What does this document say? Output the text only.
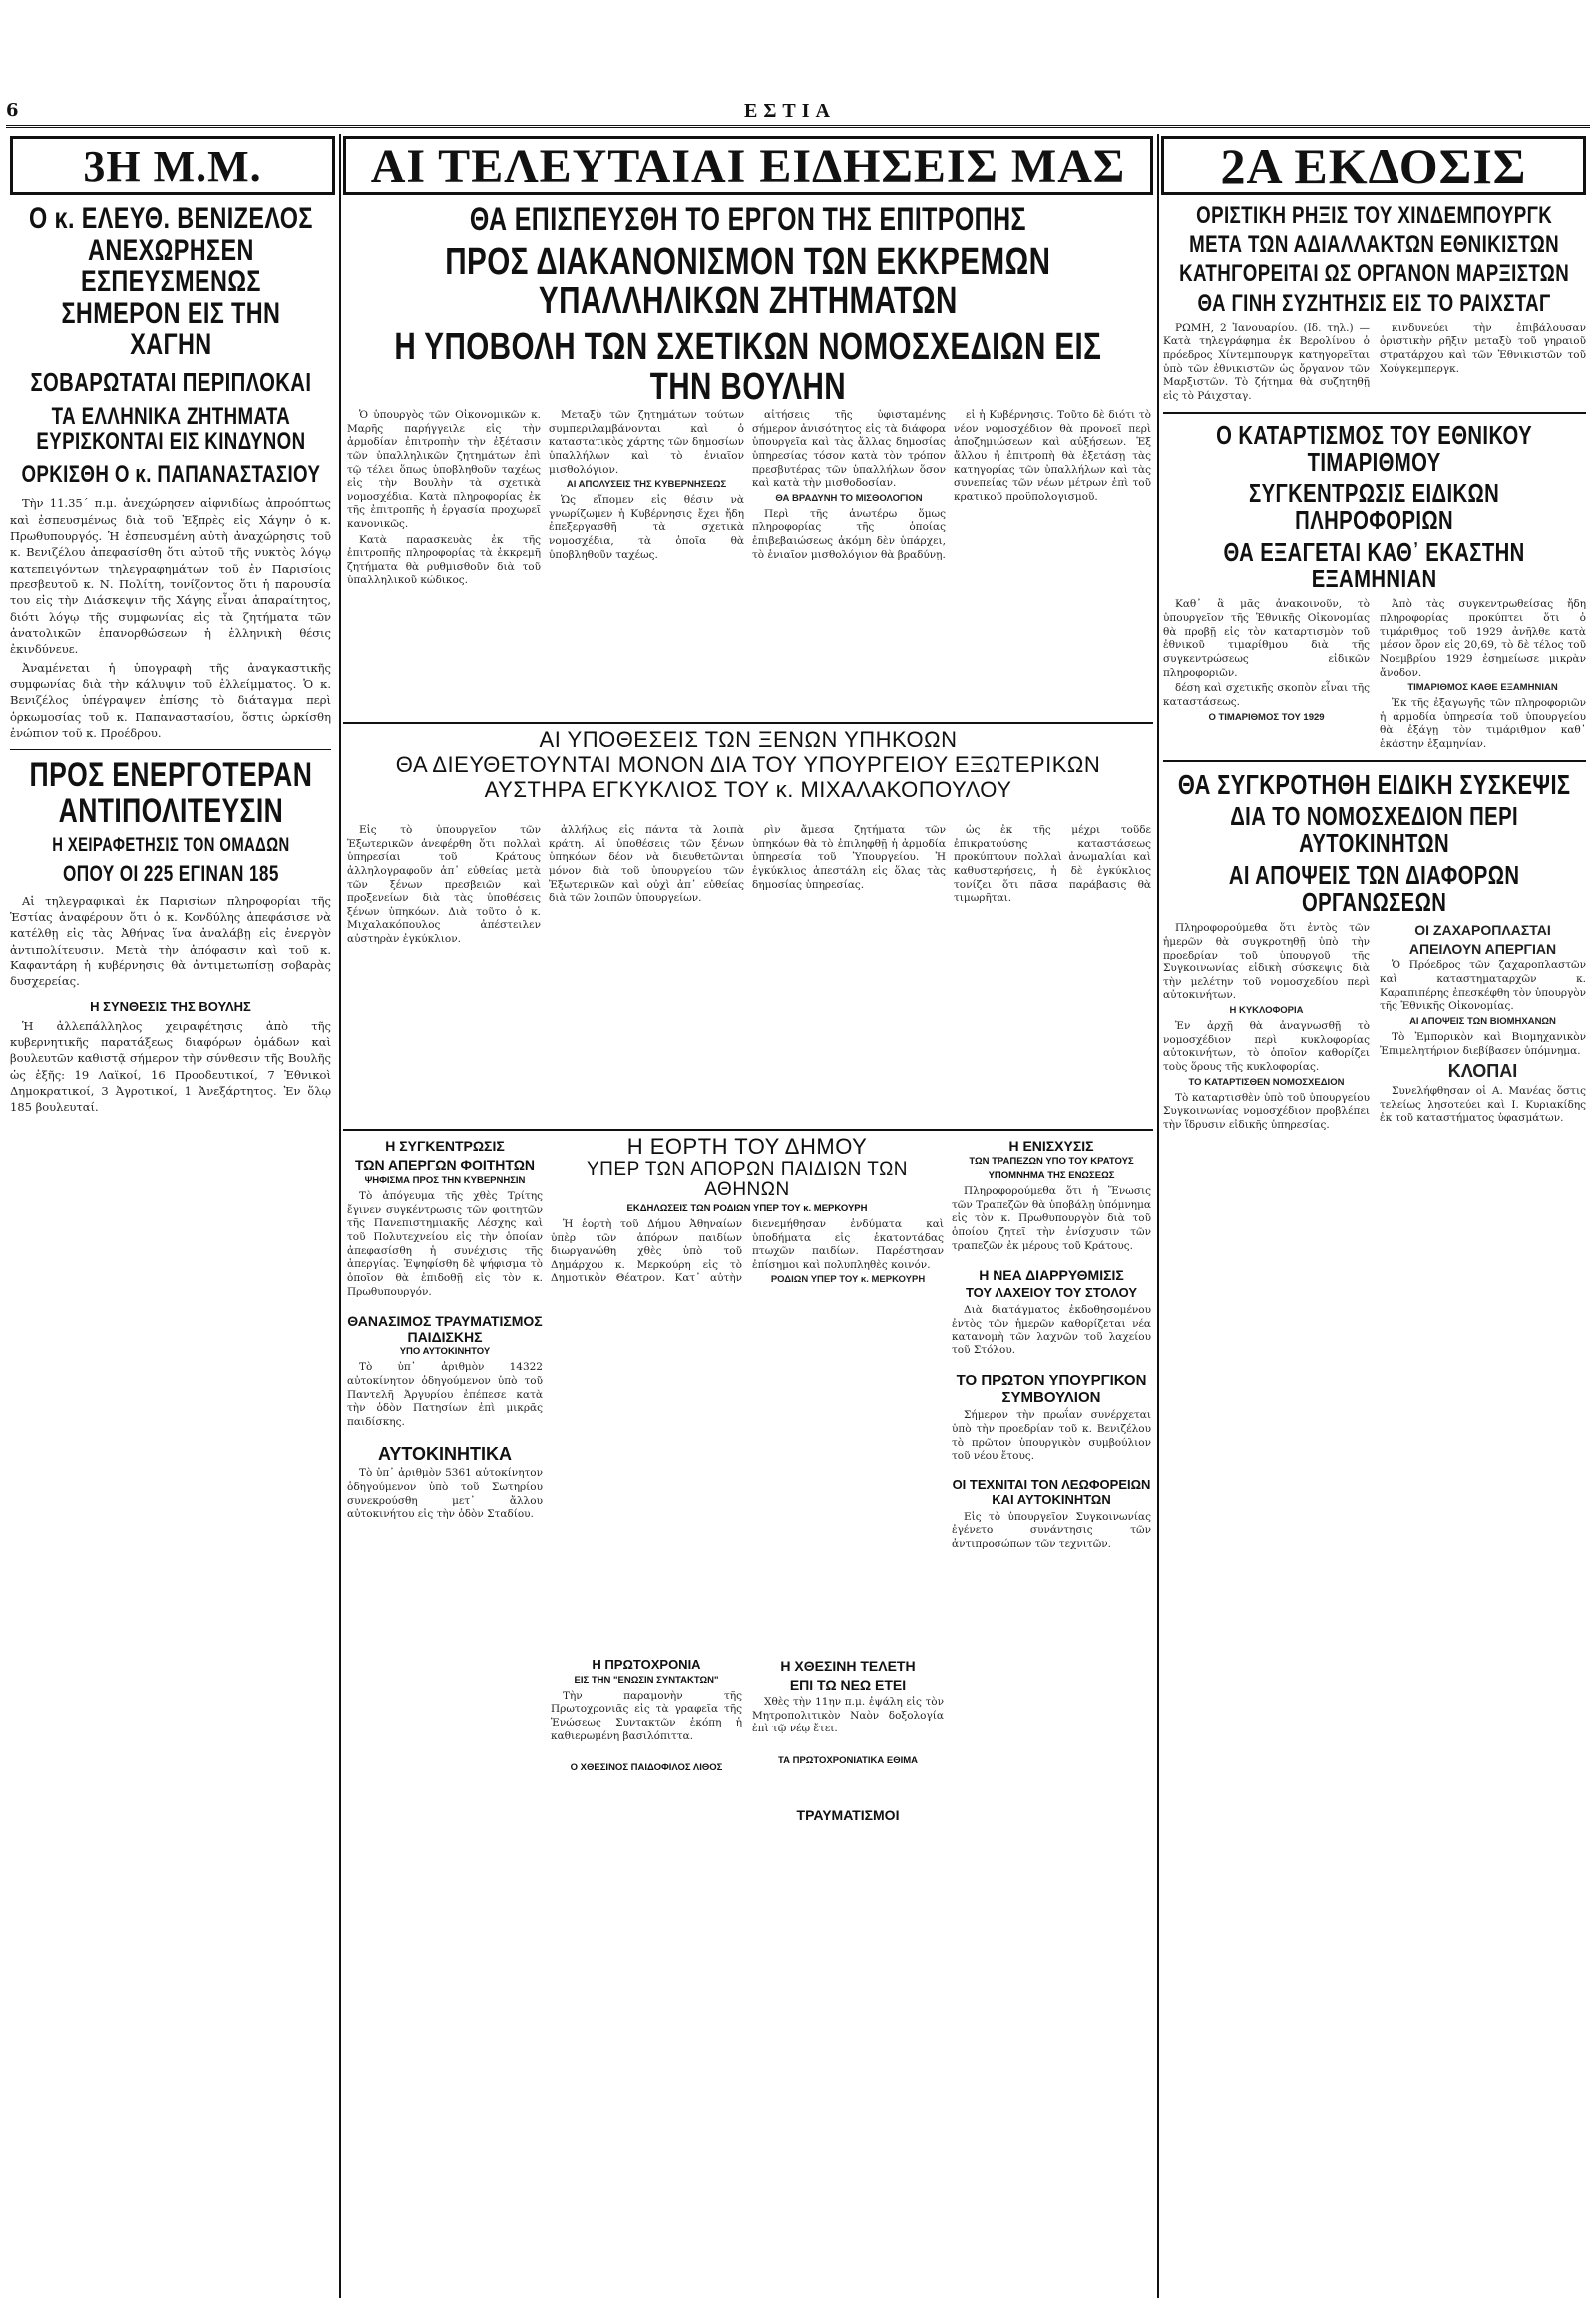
6	ΕΣΤΙΑ
3Η Μ.Μ. ΑΙ ΤΕΛΕΥΤΑΙΑΙ ΕΙΔΗΣΕΙΣ ΜΑΣ 2Α ΕΚΔΟΣΙΣ
Ο κ. ΕΛΕΥΘ. ΒΕΝΙΖΕΛΟΣ ΑΝΕΧΩΡΗΣΕΝ ΕΣΠΕΥΣΜΕΝΩΣ ΣΗΜΕΡΟΝ ΕΙΣ ΤΗΝ ΧΑΓΗΝ
ΣΟΒΑΡΩΤΑΤΑΙ ΠΕΡΙΠΛΟΚΑΙ
ΤΑ ΕΛΛΗΝΙΚΑ ΖΗΤΗΜΑΤΑ ΕΥΡΙΣΚΟΝΤΑΙ ΕΙΣ ΚΙΝΔΥΝΟΝ
ΟΡΚΙΣΘΗ Ο κ. ΠΑΠΑΝΑΣΤΑΣΙΟΥ

Τὴν 11.35΄ π.μ. ἀνεχώρησεν αἰφνιδίως ἀπροόπτως καὶ ἐσπευσμένως διὰ τοῦ Ἐξπρὲς εἰς Χάγην ὁ κ. Πρωθυπουργός. Ἡ ἐσπευσμένη αὐτὴ ἀναχώρησις τοῦ κ. Βενιζέλου ἀπεφασίσθη ὅτι αὐτοῦ τῆς νυκτὸς λόγῳ κατεπειγόντων τηλεγραφημάτων τοῦ ἐν Παρισίοις πρεσβευτοῦ κ. Ν. Πολίτη, τονίζοντος ὅτι ἡ παρουσία του εἰς τὴν Διάσκεψιν τῆς Χάγης εἶναι ἀπαραίτητος, διότι λόγῳ τῆς συμφωνίας εἰς τὰ ζητήματα τῶν ἀνατολικῶν ἐπανορθώσεων ἡ ἑλληνικὴ θέσις ἐκινδύνευε.

Ἀναμένεται ἡ ὑπογραφὴ τῆς ἀναγκαστικῆς συμφωνίας διὰ τὴν κάλυψιν τοῦ ἐλλείμματος. Ὁ κ. Βενιζέλος ὑπέγραψεν ἐπίσης τὸ διάταγμα περὶ ὁρκωμοσίας τοῦ κ. Παπαναστασίου, ὅστις ὡρκίσθη ἐνώπιον τοῦ κ. Προέδρου.

ΠΡΟΣ ΕΝΕΡΓΟΤΕΡΑΝ ΑΝΤΙΠΟΛΙΤΕΥΣΙΝ
Η ΧΕΙΡΑΦΕΤΗΣΙΣ ΤΟΝ ΟΜΑΔΩΝ
ΟΠΟΥ ΟΙ 225 ΕΓΙΝΑΝ 185

Αἱ τηλεγραφικαὶ ἐκ Παρισίων πληροφορίαι τῆς Ἑστίας ἀναφέρουν ὅτι ὁ κ. Κονδύλης ἀπεφάσισε νὰ κατέλθῃ εἰς τὰς Ἀθήνας ἵνα ἀναλάβῃ εἰς ἐνεργὸν ἀντιπολίτευσιν. Μετὰ τὴν ἀπόφασιν καὶ τοῦ κ. Καφαντάρη ἡ κυβέρνησις θὰ ἀντιμετωπίσῃ σοβαρὰς δυσχερείας.

Η ΣΥΝΘΕΣΙΣ ΤΗΣ ΒΟΥΛΗΣ

Ἡ ἀλλεπάλληλος χειραφέτησις ἀπὸ τῆς κυβερνητικῆς παρατάξεως διαφόρων ὁμάδων καὶ βουλευτῶν καθιστᾷ σήμερον τὴν σύνθεσιν τῆς Βουλῆς ὡς ἑξῆς: 19 Λαϊκοί, 16 Προοδευτικοί, 7 Ἐθνικοὶ Δημοκρατικοί, 3 Ἀγροτικοί, 1 Ἀνεξάρτητος. Ἐν ὅλῳ 185 βουλευταί.

ΘΑ ΕΠΙΣΠΕΥΣΘΗ ΤΟ ΕΡΓΟΝ ΤΗΣ ΕΠΙΤΡΟΠΗΣ
ΠΡΟΣ ΔΙΑΚΑΝΟΝΙΣΜΟΝ ΤΩΝ ΕΚΚΡΕΜΩΝ ΥΠΑΛΛΗΛΙΚΩΝ ΖΗΤΗΜΑΤΩΝ
Η ΥΠΟΒΟΛΗ ΤΩΝ ΣΧΕΤΙΚΩΝ ΝΟΜΟΣΧΕΔΙΩΝ ΕΙΣ ΤΗΝ ΒΟΥΛΗΝ

Ὁ ὑπουργὸς τῶν Οἰκονομικῶν κ. Μαρῆς παρήγγειλε εἰς τὴν ἁρμοδίαν ἐπιτροπὴν τὴν ἐξέτασιν τῶν ὑπαλληλικῶν ζητημάτων ἐπὶ τῷ τέλει ὅπως ὑποβληθοῦν ταχέως εἰς τὴν Βουλὴν τὰ σχετικὰ νομοσχέδια. Κατὰ πληροφορίας ἐκ τῆς ἐπιτροπῆς ἡ ἐργασία προχωρεῖ κανονικῶς.

Κατὰ παρασκευὰς ἐκ τῆς ἐπιτροπῆς πληροφορίας τὰ ἐκκρεμῆ ζητήματα θὰ ρυθμισθοῦν διὰ τοῦ ὑπαλληλικοῦ κώδικος.

Μεταξὺ τῶν ζητημάτων τούτων συμπεριλαμβάνονται καὶ ὁ καταστατικὸς χάρτης τῶν δημοσίων ὑπαλλήλων καὶ τὸ ἑνιαῖον μισθολόγιον.

ΑΙ ΑΠΟΛΥΣΕΙΣ ΤΗΣ ΚΥΒΕΡΝΗΣΕΩΣ

Ὡς εἴπομεν εἰς θέσιν νὰ γνωρίζωμεν ἡ Κυβέρνησις ἔχει ἤδη ἐπεξεργασθῆ τὰ σχετικὰ νομοσχέδια, τὰ ὁποῖα θὰ ὑποβληθοῦν ταχέως.

αἰτήσεις τῆς ὑφισταμένης σήμερον ἀνισότητος εἰς τὰ διάφορα ὑπουργεῖα καὶ τὰς ἄλλας δημοσίας ὑπηρεσίας τόσον κατὰ τὸν τρόπον πρεσβυτέρας τῶν ὑπαλλήλων ὅσον καὶ κατὰ τὴν μισθοδοσίαν.

ΘΑ ΒΡΑΔΥΝΗ ΤΟ ΜΙΣΘΟΛΟΓΙΟΝ

Περὶ τῆς ἀνωτέρω ὅμως πληροφορίας τῆς ὁποίας ἐπιβεβαιώσεως ἀκόμη δὲν ὑπάρχει, τὸ ἑνιαῖον μισθολόγιον θὰ βραδύνῃ.

εἰ ἡ Κυβέρνησις. Τοῦτο δὲ διότι τὸ νέον νομοσχέδιον θὰ προνοεῖ περὶ ἀποζημιώσεων καὶ αὐξήσεων. Ἐξ ἄλλου ἡ ἐπιτροπὴ θὰ ἐξετάσῃ τὰς κατηγορίας τῶν ὑπαλλήλων καὶ τὰς συνεπείας τῶν νέων μέτρων ἐπὶ τοῦ κρατικοῦ προϋπολογισμοῦ.

ΑΙ ΥΠΟΘΕΣΕΙΣ ΤΩΝ ΞΕΝΩΝ ΥΠΗΚΟΩΝ
ΘΑ ΔΙΕΥΘΕΤΟΥΝΤΑΙ ΜΟΝΟΝ ΔΙΑ ΤΟΥ ΥΠΟΥΡΓΕΙΟΥ ΕΞΩΤΕΡΙΚΩΝ
ΑΥΣΤΗΡΑ ΕΓΚΥΚΛΙΟΣ ΤΟΥ κ. ΜΙΧΑΛΑΚΟΠΟΥΛΟΥ

Εἰς τὸ ὑπουργεῖον τῶν Ἐξωτερικῶν ἀνεφέρθη ὅτι πολλαὶ ὑπηρεσίαι τοῦ Κράτους ἀλληλογραφοῦν ἀπ᾽ εὐθείας μετὰ τῶν ξένων πρεσβειῶν καὶ προξενείων διὰ τὰς ὑποθέσεις ξένων ὑπηκόων. Διὰ τοῦτο ὁ κ. Μιχαλακόπουλος ἀπέστειλεν αὐστηρὰν ἐγκύκλιον.

ἀλλήλως εἰς πάντα τὰ λοιπὰ κράτη. Αἱ ὑποθέσεις τῶν ξένων ὑπηκόων δέον νὰ διευθετῶνται μόνον διὰ τοῦ ὑπουργείου τῶν Ἐξωτερικῶν καὶ οὐχὶ ἀπ᾽ εὐθείας διὰ τῶν λοιπῶν ὑπουργείων.

ρὶν ἄμεσα ζητήματα τῶν ὑπηκόων θὰ τὸ ἐπιληφθῇ ἡ ἀρμοδία ὑπηρεσία τοῦ Ὑπουργείου. Ἡ ἐγκύκλιος ἀπεστάλη εἰς ὅλας τὰς δημοσίας ὑπηρεσίας.

ὡς ἐκ τῆς μέχρι τοῦδε ἐπικρατούσης καταστάσεως προκύπτουν πολλαὶ ἀνωμαλίαι καὶ καθυστερήσεις, ἡ δὲ ἐγκύκλιος τονίζει ὅτι πᾶσα παράβασις θὰ τιμωρῆται.

Η ΣΥΓΚΕΝΤΡΩΣΙΣ
ΤΩΝ ΑΠΕΡΓΩΝ ΦΟΙΤΗΤΩΝ
ΨΗΦΙΣΜΑ ΠΡΟΣ ΤΗΝ ΚΥΒΕΡΝΗΣΙΝ

Τὸ ἀπόγευμα τῆς χθὲς Τρίτης ἔγινεν συγκέντρωσις τῶν φοιτητῶν τῆς Πανεπιστημιακῆς Λέσχης καὶ τοῦ Πολυτεχνείου εἰς τὴν ὁποίαν ἀπεφασίσθη ἡ συνέχισις τῆς ἀπεργίας. Ἐψηφίσθη δὲ ψήφισμα τὸ ὁποῖον θὰ ἐπιδοθῇ εἰς τὸν κ. Πρωθυπουργόν.

ΘΑΝΑΣΙΜΟΣ ΤΡΑΥΜΑΤΙΣΜΟΣ ΠΑΙΔΙΣΚΗΣ
ΥΠΟ ΑΥΤΟΚΙΝΗΤΟΥ

Τὸ ὑπ᾽ ἀριθμὸν 14322 αὐτοκίνητον ὁδηγούμενον ὑπὸ τοῦ Παντελῆ Ἀργυρίου ἐπέπεσε κατὰ τὴν ὁδὸν Πατησίων ἐπὶ μικρᾶς παιδίσκης.

ΑΥΤΟΚΙΝΗΤΙΚΑ

Τὸ ὑπ᾽ ἀριθμὸν 5361 αὐτοκίνητον ὁδηγούμενον ὑπὸ τοῦ Σωτηρίου συνεκρούσθη μετ᾽ ἄλλου αὐτοκινήτου εἰς τὴν ὁδὸν Σταδίου.

Η ΕΟΡΤΗ ΤΟΥ ΔΗΜΟΥ
ΥΠΕΡ ΤΩΝ ΑΠΟΡΩΝ ΠΑΙΔΙΩΝ ΤΩΝ ΑΘΗΝΩΝ
ΕΚΔΗΛΩΣΕΙΣ ΤΩΝ ΡΟΔΙΩΝ ΥΠΕΡ ΤΟΥ κ. ΜΕΡΚΟΥΡΗ

Ἡ ἑορτὴ τοῦ Δήμου Ἀθηναίων ὑπὲρ τῶν ἀπόρων παιδίων διωργανώθη χθὲς ὑπὸ τοῦ Δημάρχου κ. Μερκούρη εἰς τὸ Δημοτικὸν Θέατρον. Κατ᾽ αὐτὴν διενεμήθησαν ἐνδύματα καὶ ὑποδήματα εἰς ἑκατοντάδας πτωχῶν παιδίων. Παρέστησαν ἐπίσημοι καὶ πολυπληθὲς κοινόν.

ΡΟΔΙΩΝ ΥΠΕΡ ΤΟΥ κ. ΜΕΡΚΟΥΡΗ
Η ΠΡΩΤΟΧΡΟΝΙΑ
ΕΙΣ ΤΗΝ "ΕΝΩΣΙΝ ΣΥΝΤΑΚΤΩΝ"

Τὴν παραμονὴν τῆς Πρωτοχρονιᾶς εἰς τὰ γραφεῖα τῆς Ἑνώσεως Συντακτῶν ἐκόπη ἡ καθιερωμένη βασιλόπιττα.

Ο ΧΘΕΣΙΝΟΣ ΠΑΙΔΟΦΙΛΟΣ ΛΙΘΟΣ
Η ΧΘΕΣΙΝΗ ΤΕΛΕΤΗ
ΕΠΙ ΤΩ ΝΕΩ ΕΤΕΙ

Χθὲς τὴν 11ην π.μ. ἐψάλη εἰς τὸν Μητροπολιτικὸν Ναὸν δοξολογία ἐπὶ τῷ νέῳ ἔτει.

ΤΑ ΠΡΩΤΟΧΡΟΝΙΑΤΙΚΑ ΕΘΙΜΑ
ΤΡΑΥΜΑΤΙΣΜΟΙ
Η ΕΝΙΣΧΥΣΙΣ
ΤΩΝ ΤΡΑΠΕΖΩΝ ΥΠΟ ΤΟΥ ΚΡΑΤΟΥΣ
ΥΠΟΜΝΗΜΑ ΤΗΣ ΕΝΩΣΕΩΣ

Πληροφορούμεθα ὅτι ἡ Ἕνωσις τῶν Τραπεζῶν θὰ ὑποβάλῃ ὑπόμνημα εἰς τὸν κ. Πρωθυπουργὸν διὰ τοῦ ὁποίου ζητεῖ τὴν ἐνίσχυσιν τῶν τραπεζῶν ἐκ μέρους τοῦ Κράτους.

Η ΝΕΑ ΔΙΑΡΡΥΘΜΙΣΙΣ
ΤΟΥ ΛΑΧΕΙΟΥ ΤΟΥ ΣΤΟΛΟΥ

Διὰ διατάγματος ἐκδοθησομένου ἐντὸς τῶν ἡμερῶν καθορίζεται νέα κατανομὴ τῶν λαχνῶν τοῦ λαχείου τοῦ Στόλου.

ΤΟ ΠΡΩΤΟΝ ΥΠΟΥΡΓΙΚΟΝ ΣΥΜΒΟΥΛΙΟΝ

Σήμερον τὴν πρωΐαν συνέρχεται ὑπὸ τὴν προεδρίαν τοῦ κ. Βενιζέλου τὸ πρῶτον ὑπουργικὸν συμβούλιον τοῦ νέου ἔτους.

ΟΙ ΤΕΧΝΙΤΑΙ ΤΟΝ ΛΕΩΦΟΡΕΙΩΝ ΚΑΙ ΑΥΤΟΚΙΝΗΤΩΝ

Εἰς τὸ ὑπουργεῖον Συγκοινωνίας ἐγένετο συνάντησις τῶν ἀντιπροσώπων τῶν τεχνιτῶν.

ΟΡΙΣΤΙΚΗ ΡΗΞΙΣ ΤΟΥ ΧΙΝΔΕΜΠΟΥΡΓΚ
ΜΕΤΑ ΤΩΝ ΑΔΙΑΛΛΑΚΤΩΝ ΕΘΝΙΚΙΣΤΩΝ
ΚΑΤΗΓΟΡΕΙΤΑΙ ΩΣ ΟΡΓΑΝΟΝ ΜΑΡΞΙΣΤΩΝ
ΘΑ ΓΙΝΗ ΣΥΖΗΤΗΣΙΣ ΕΙΣ ΤΟ ΡΑΙΧΣΤΑΓ

ΡΩΜΗ, 2 Ἰανουαρίου. (Ιδ. τηλ.) — Κατὰ τηλεγράφημα ἐκ Βερολίνου ὁ πρόεδρος Χίντεμπουργκ κατηγορεῖται ὑπὸ τῶν ἐθνικιστῶν ὡς ὄργανον τῶν Μαρξιστῶν. Τὸ ζήτημα θὰ συζητηθῇ εἰς τὸ Ράιχσταγ.

κινδυνεύει τὴν ἐπιβάλουσαν ὁριστικὴν ρῆξιν μεταξὺ τοῦ γηραιοῦ στρατάρχου καὶ τῶν Ἐθνικιστῶν τοῦ Χούγκεμπεργκ.

Ο ΚΑΤΑΡΤΙΣΜΟΣ ΤΟΥ ΕΘΝΙΚΟΥ ΤΙΜΑΡΙΘΜΟΥ
ΣΥΓΚΕΝΤΡΩΣΙΣ ΕΙΔΙΚΩΝ ΠΛΗΡΟΦΟΡΙΩΝ
ΘΑ ΕΞΑΓΕΤΑΙ ΚΑΘ᾽ ΕΚΑΣΤΗΝ ΕΞΑΜΗΝΙΑΝ

Καθ᾽ ἃ μᾶς ἀνακοινοῦν, τὸ ὑπουργεῖον τῆς Ἐθνικῆς Οἰκονομίας θὰ προβῇ εἰς τὸν καταρτισμὸν τοῦ ἐθνικοῦ τιμαρίθμου διὰ τῆς συγκεντρώσεως εἰδικῶν πληροφοριῶν.

δέση καὶ σχετικῆς σκοπὸν εἶναι τῆς καταστάσεως.

Ο ΤΙΜΑΡΙΘΜΟΣ ΤΟΥ 1929

Ἀπὸ τὰς συγκεντρωθείσας ἤδη πληροφορίας προκύπτει ὅτι ὁ τιμάριθμος τοῦ 1929 ἀνῆλθε κατὰ μέσον ὅρον εἰς 20,69, τὸ δὲ τέλος τοῦ Νοεμβρίου 1929 ἐσημείωσε μικρὰν ἄνοδον.

ΤΙΜΑΡΙΘΜΟΣ ΚΑΘΕ ΕΞΑΜΗΝΙΑΝ

Ἐκ τῆς ἐξαγωγῆς τῶν πληροφοριῶν ἡ ἀρμοδία ὑπηρεσία τοῦ ὑπουργείου θὰ ἐξάγῃ τὸν τιμάριθμον καθ᾽ ἑκάστην ἑξαμηνίαν.

ΘΑ ΣΥΓΚΡΟΤΗΘΗ ΕΙΔΙΚΗ ΣΥΣΚΕΨΙΣ
ΔΙΑ ΤΟ ΝΟΜΟΣΧΕΔΙΟΝ ΠΕΡΙ ΑΥΤΟΚΙΝΗΤΩΝ
ΑΙ ΑΠΟΨΕΙΣ ΤΩΝ ΔΙΑΦΟΡΩΝ ΟΡΓΑΝΩΣΕΩΝ

Πληροφορούμεθα ὅτι ἐντὸς τῶν ἡμερῶν θὰ συγκροτηθῇ ὑπὸ τὴν προεδρίαν τοῦ ὑπουργοῦ τῆς Συγκοινωνίας εἰδικὴ σύσκεψις διὰ τὴν μελέτην τοῦ νομοσχεδίου περὶ αὐτοκινήτων.

Η ΚΥΚΛΟΦΟΡΙΑ

Ἐν ἀρχῇ θὰ ἀναγνωσθῇ τὸ νομοσχέδιον περὶ κυκλοφορίας αὐτοκινήτων, τὸ ὁποῖον καθορίζει τοὺς ὅρους τῆς κυκλοφορίας.

ΤΟ ΚΑΤΑΡΤΙΣΘΕΝ ΝΟΜΟΣΧΕΔΙΟΝ

Τὸ καταρτισθὲν ὑπὸ τοῦ ὑπουργείου Συγκοινωνίας νομοσχέδιον προβλέπει τὴν ἵδρυσιν εἰδικῆς ὑπηρεσίας.

ΟΙ ΖΑΧΑΡΟΠΛΑΣΤΑΙ
ΑΠΕΙΛΟΥΝ ΑΠΕΡΓΙΑΝ

Ὁ Πρόεδρος τῶν ζαχαροπλαστῶν καὶ καταστηματαρχῶν κ. Καραπιπέρης ἐπεσκέφθη τὸν ὑπουργὸν τῆς Ἐθνικῆς Οἰκονομίας.

ΑΙ ΑΠΟΨΕΙΣ ΤΩΝ ΒΙΟΜΗΧΑΝΩΝ

Τὸ Ἐμπορικὸν καὶ Βιομηχανικὸν Ἐπιμελητήριον διεβίβασεν ὑπόμνημα.

ΚΛΟΠΑΙ

Συνελήφθησαν οἱ Α. Μανέας ὅστις τελείως λησοτεύει καὶ Ι. Κυριακίδης ἐκ τοῦ καταστήματος ὑφασμάτων.
